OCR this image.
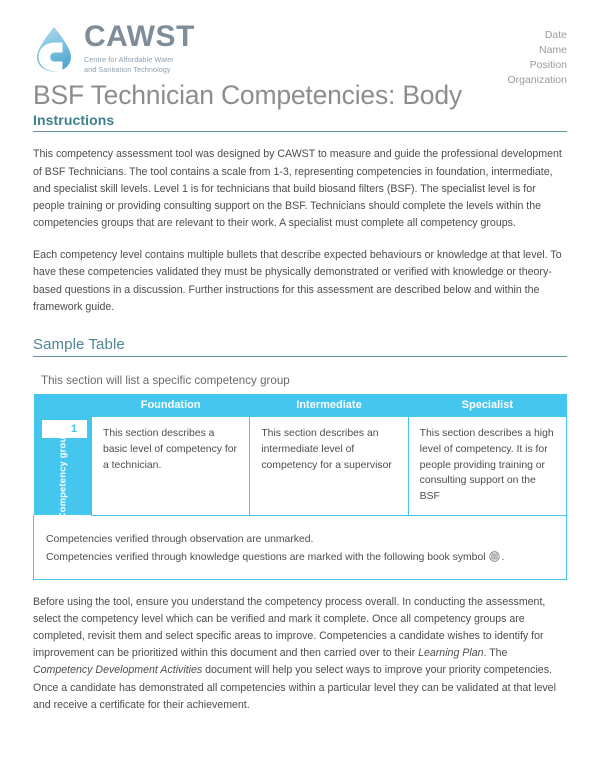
CAWST
Centre for Affordable Water
and Sanitation Technology
Date
Name
Position
Organization
BSF Technician Competencies: Body
Instructions

This competency assessment tool was designed by CAWST to measure and guide the professional development of BSF Technicians. The tool contains a scale from 1-3, representing competencies in foundation, intermediate, and specialist skill levels. Level 1 is for technicians that build biosand filters (BSF). The specialist level is for people training or providing consulting support on the BSF. Technicians should complete the levels within the competencies groups that are relevant to their work. A specialist must complete all competency groups.

Each competency level contains multiple bullets that describe expected behaviours or knowledge at that level. To have these competencies validated they must be physically demonstrated or verified with knowledge or theory-based questions in a discussion. Further instructions for this assessment are described below and within the framework guide.

Sample Table
This section will list a specific competency group
	Foundation	Intermediate	Specialist

1
Competency group	This section describes a basic level of competency for a technician.	This section describes an intermediate level of competency for a supervisor	This section describes a high level of competency. It is for people providing training or consulting support on the BSF

Competencies verified through observation are unmarked.
Competencies verified through knowledge questions are marked with the following book symbol .			

Before using the tool, ensure you understand the competency process overall. In conducting the assessment, select the competency level which can be verified and mark it complete. Once all competency groups are completed, revisit them and select specific areas to improve. Competencies a candidate wishes to identify for improvement can be prioritized within this document and then carried over to their Learning Plan. The Competency Development Activities document will help you select ways to improve your priority competencies. Once a candidate has demonstrated all competencies within a particular level they can be validated at that level and receive a certificate for their achievement.
